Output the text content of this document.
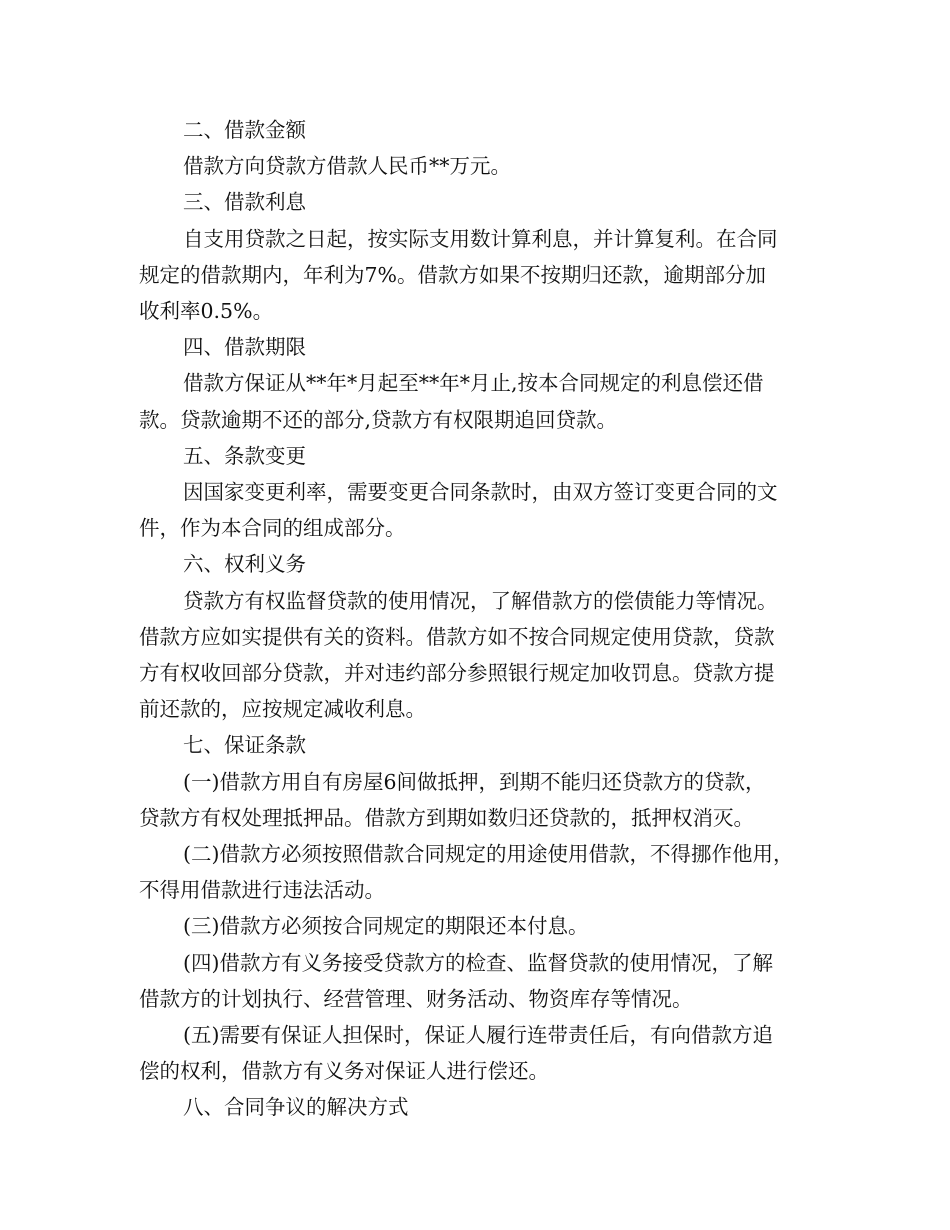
二、借款金额
借款方向贷款方借款人民币**万元。
三、借款利息
自支用贷款之日起，按实际支用数计算利息，并计算复利。在合同
规定的借款期内，年利为7%。借款方如果不按期归还款，逾期部分加
收利率0.5%。
四、借款期限
借款方保证从**年*月起至**年*月止,按本合同规定的利息偿还借
款。贷款逾期不还的部分,贷款方有权限期追回贷款。
五、条款变更
因国家变更利率，需要变更合同条款时，由双方签订变更合同的文
件，作为本合同的组成部分。
六、权利义务
贷款方有权监督贷款的使用情况，了解借款方的偿债能力等情况。
借款方应如实提供有关的资料。借款方如不按合同规定使用贷款，贷款
方有权收回部分贷款，并对违约部分参照银行规定加收罚息。贷款方提
前还款的，应按规定减收利息。
七、保证条款
(一)借款方用自有房屋6间做抵押，到期不能归还贷款方的贷款，
贷款方有权处理抵押品。借款方到期如数归还贷款的，抵押权消灭。
(二)借款方必须按照借款合同规定的用途使用借款，不得挪作他用，
不得用借款进行违法活动。
(三)借款方必须按合同规定的期限还本付息。
(四)借款方有义务接受贷款方的检查、监督贷款的使用情况，了解
借款方的计划执行、经营管理、财务活动、物资库存等情况。
(五)需要有保证人担保时，保证人履行连带责任后，有向借款方追
偿的权利，借款方有义务对保证人进行偿还。
八、合同争议的解决方式
